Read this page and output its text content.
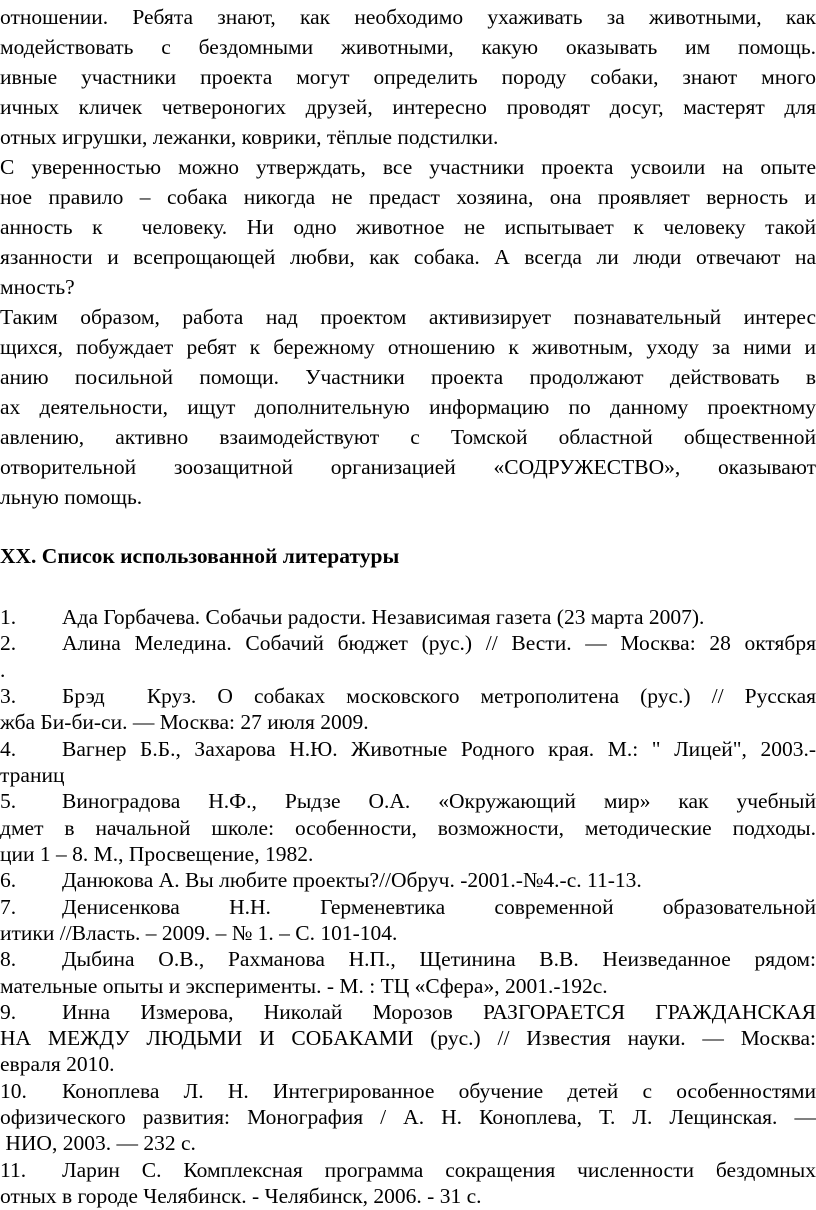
отношении. Ребята знают, как необходимо ухаживать за животными, как

модействовать с бездомными животными, какую оказывать им помощь.

ивные участники проекта могут определить породу собаки, знают много

ичных кличек четвероногих друзей, интересно проводят досуг, мастерят для

отных игрушки, лежанки, коврики, тёплые подстилки.

С уверенностью можно утверждать, все участники проекта усвоили на опыте

ное правило – собака никогда не предаст хозяина, она проявляет верность и

анность к  человеку. Ни одно животное не испытывает к человеку такой

язанности и всепрощающей любви, как собака. А всегда ли люди отвечают на

мность?

Таким образом, работа над проектом активизирует познавательный интерес

щихся, побуждает ребят к бережному отношению к животным, уходу за ними и

анию посильной помощи. Участники проекта продолжают действовать в

ах деятельности, ищут дополнительную информацию по данному проектному

авлению, активно взаимодействуют с Томской областной общественной

отворительной зоозащитной организацией «СОДРУЖЕСТВО», оказывают

льную помощь.

XX. Список использованной литературы
1. Ада Горбачева. Собачьи радости. Независимая газета (23 марта 2007).

2. Алина Меледина. Собачий бюджет (рус.) // Вести. — Москва: 28 октября

.

3. Брэд  Круз. О собаках московского метрополитена (рус.) // Русская

жба Би-би-си. — Москва: 27 июля 2009.

4. Вагнер Б.Б., Захарова Н.Ю. Животные Родного края. М.: " Лицей", 2003.-

траниц

5. Виноградова Н.Ф., Рыдзе О.А. «Окружающий мир» как учебный

дмет в начальной школе: особенности, возможности, методические подходы.

ции 1 – 8. М., Просвещение, 1982.

6. Данюкова А. Вы любите проекты?//Обруч. -2001.-№4.-с. 11-13.

7. Денисенкова Н.Н. Герменевтика современной образовательной

итики //Власть. – 2009. – № 1. – С. 101-104.

8. Дыбина О.В., Рахманова Н.П., Щетинина В.В. Неизведанное рядом:

мательные опыты и эксперименты. - М. : ТЦ «Сфера», 2001.-192с.

9. Инна Измерова, Николай Морозов РАЗГОРАЕТСЯ ГРАЖДАНСКАЯ

НА МЕЖДУ ЛЮДЬМИ И СОБАКАМИ (рус.) // Известия науки. — Москва:

евраля 2010.

10. Коноплева Л. Н. Интегрированное обучение детей с особенностями

офизического развития: Монография / А. Н. Коноплева, Т. Л. Лещинская. —

НИО, 2003. — 232 с.

11. Ларин С. Комплексная программа сокращения численности бездомных

отных в городе Челябинск. - Челябинск, 2006. - 31 с.
